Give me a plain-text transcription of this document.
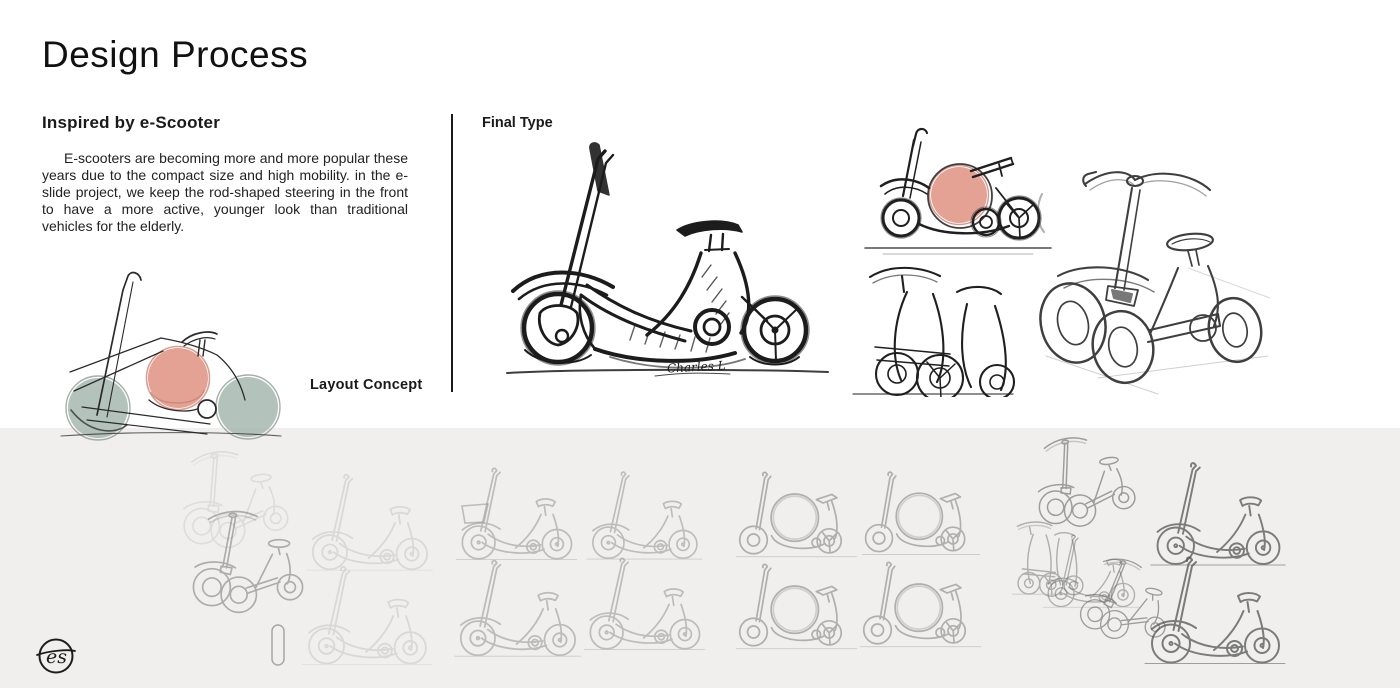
Design Process
Inspired by e-Scooter
E-scooters are becoming more and more popular these years due to the compact size and high mobility. in the e-slide project, we keep the rod-shaped steering in the front to have a more active, younger look than traditional vehicles for the elderly.
Layout Concept
Final Type
Charles L
es
